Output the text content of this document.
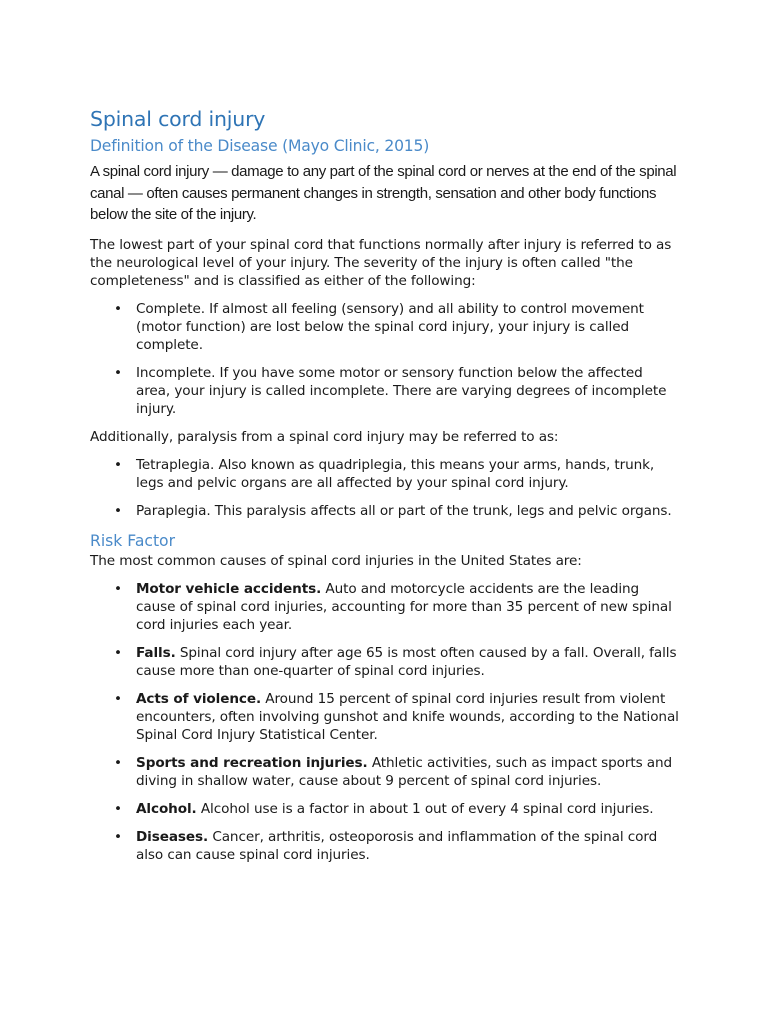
Spinal cord injury
Definition of the Disease (Mayo Clinic, 2015)

A spinal cord injury — damage to any part of the spinal cord or nerves at the end of the spinal canal — often causes permanent changes in strength, sensation and other body functions below the site of the injury.

The lowest part of your spinal cord that functions normally after injury is referred to as the neurological level of your injury. The severity of the injury is often called "the completeness" and is classified as either of the following:

• Complete. If almost all feeling (sensory) and all ability to control movement (motor function) are lost below the spinal cord injury, your injury is called complete.
• Incomplete. If you have some motor or sensory function below the affected area, your injury is called incomplete. There are varying degrees of incomplete injury.

Additionally, paralysis from a spinal cord injury may be referred to as:

• Tetraplegia. Also known as quadriplegia, this means your arms, hands, trunk, legs and pelvic organs are all affected by your spinal cord injury.
• Paraplegia. This paralysis affects all or part of the trunk, legs and pelvic organs.
Risk Factor

The most common causes of spinal cord injuries in the United States are:

• Motor vehicle accidents. Auto and motorcycle accidents are the leading cause of spinal cord injuries, accounting for more than 35 percent of new spinal cord injuries each year.
• Falls. Spinal cord injury after age 65 is most often caused by a fall. Overall, falls cause more than one-quarter of spinal cord injuries.
• Acts of violence. Around 15 percent of spinal cord injuries result from violent encounters, often involving gunshot and knife wounds, according to the National Spinal Cord Injury Statistical Center.
• Sports and recreation injuries. Athletic activities, such as impact sports and diving in shallow water, cause about 9 percent of spinal cord injuries.
• Alcohol. Alcohol use is a factor in about 1 out of every 4 spinal cord injuries.
• Diseases. Cancer, arthritis, osteoporosis and inflammation of the spinal cord also can cause spinal cord injuries.
